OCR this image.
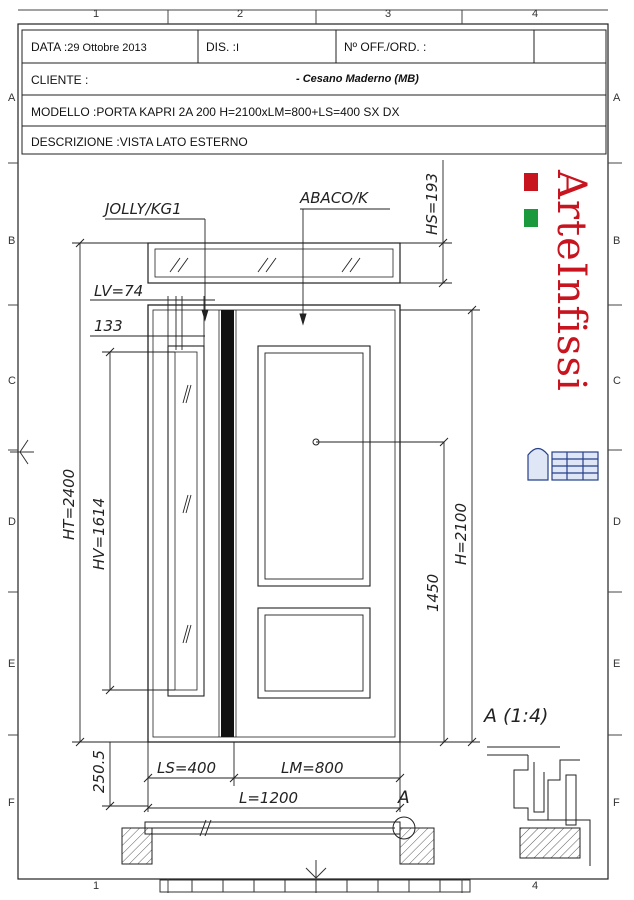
JOLLY/KG1
ABACO/K	HS=193
LV=74
133
HT=2400 HV=1614	H=2100
1450
250.5	LS=400	LM=800
L=1200	A
A (1:4)
ArteInfissi
1	2	3	4
1	4
A
B
C
D
E
F
A
B
C
D
E
F
DATA :29 Ottobre 2013	DIS. :I	Nº OFF./ORD. :
CLIENTE :	- Cesano Maderno (MB)
MODELLO :PORTA KAPRI 2A 200 H=2100xLM=800+LS=400 SX DX
DESCRIZIONE :VISTA LATO ESTERNO
